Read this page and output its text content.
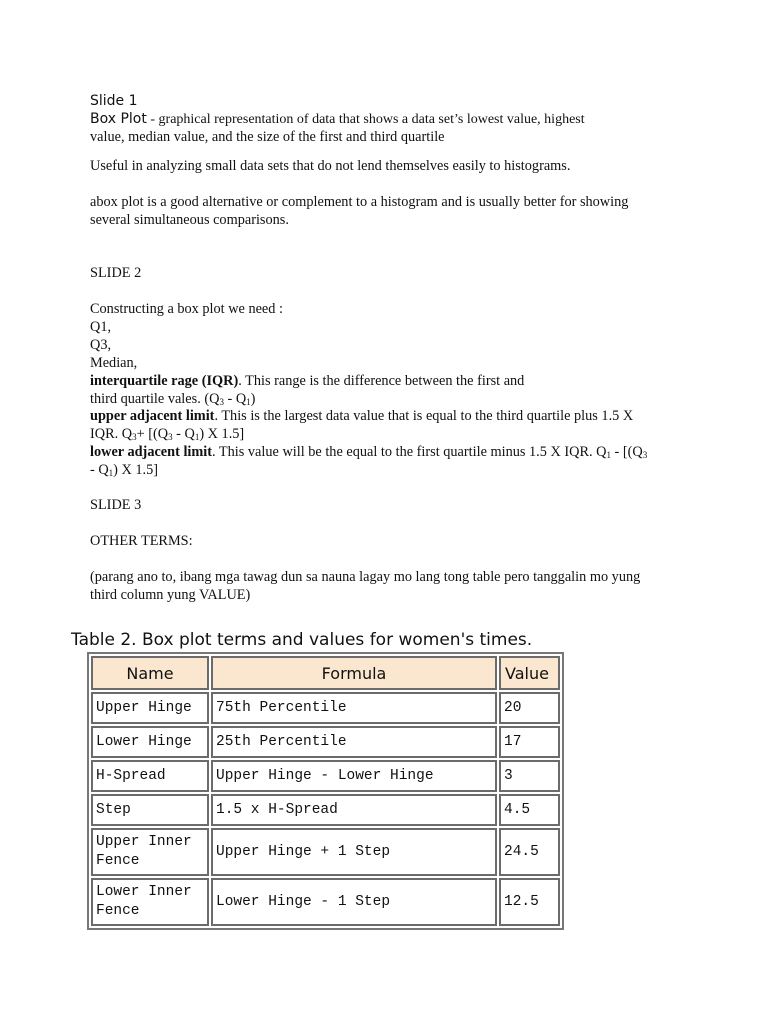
Slide 1
Box Plot - graphical representation of data that shows a data set’s lowest value, highest
value, median value, and the size of the first and third quartile
Useful in analyzing small data sets that do not lend themselves easily to histograms.
abox plot is a good alternative or complement to a histogram and is usually better for showing
several simultaneous comparisons.
SLIDE 2
Constructing a box plot we need :
Q1,
Q3,
Median,
interquartile rage (IQR). This range is the difference between the first and
third quartile vales. $(Q_3 - Q_1)$
upper adjacent limit. This is the largest data value that is equal to the third quartile plus 1.5 X
IQR. $Q_3+ [(Q_3 - Q_1)$ X 1.5]
lower adjacent limit. This value will be the equal to the first quartile minus 1.5 X IQR. $Q_1 - [(Q_3$
- $Q_1$) X 1.5]
SLIDE 3
OTHER TERMS:
(parang ano to, ibang mga tawag dun sa nauna lagay mo lang tong table pero tanggalin mo yung
third column yung VALUE)
Table 2. Box plot terms and values for women's times.
Name	Formula	Value
Upper Hinge	75th Percentile	20
Lower Hinge	25th Percentile	17
H-Spread	Upper Hinge - Lower Hinge	3
Step	1.5 x H-Spread	4.5
Upper Inner
Fence	Upper Hinge + 1 Step	24.5
Lower Inner
Fence	Lower Hinge - 1 Step	12.5
